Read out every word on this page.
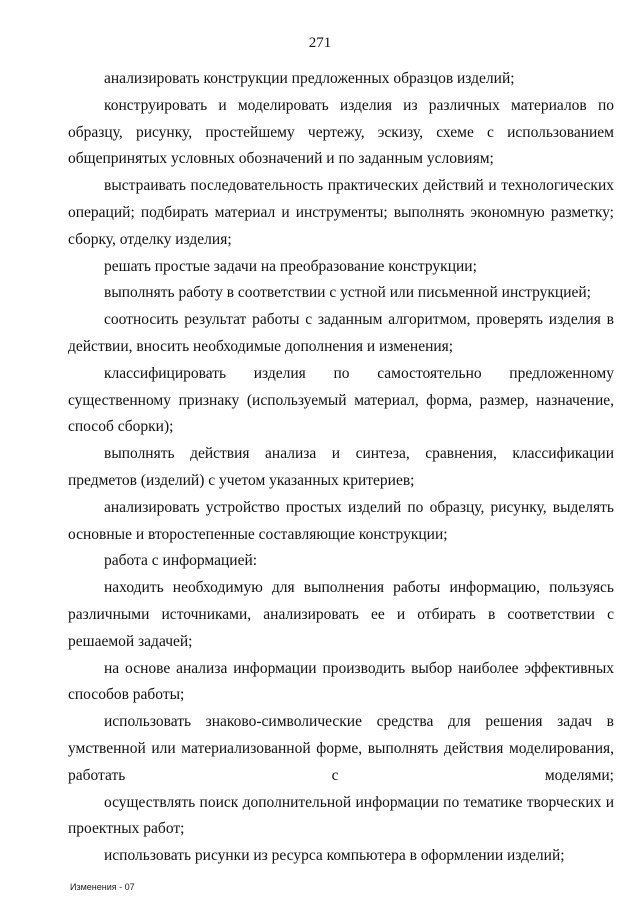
271

анализировать конструкции предложенных образцов изделий;

конструировать и моделировать изделия из различных материалов по образцу, рисунку, простейшему чертежу, эскизу, схеме с использованием общепринятых условных обозначений и по заданным условиям;

выстраивать последовательность практических действий и технологических операций; подбирать материал и инструменты; выполнять экономную разметку; сборку, отделку изделия;

решать простые задачи на преобразование конструкции;

выполнять работу в соответствии с устной или письменной инструкцией;

соотносить результат работы с заданным алгоритмом, проверять изделия в действии, вносить необходимые дополнения и изменения;

классифицировать изделия по самостоятельно предложенному существенному признаку (используемый материал, форма, размер, назначение, способ сборки);

выполнять действия анализа и синтеза, сравнения, классификации предметов (изделий) с учетом указанных критериев;

анализировать устройство простых изделий по образцу, рисунку, выделять основные и второстепенные составляющие конструкции;

работа с информацией:

находить необходимую для выполнения работы информацию, пользуясь различными источниками, анализировать ее и отбирать в соответствии с решаемой задачей;

на основе анализа информации производить выбор наиболее эффективных способов работы;

использовать знаково-символические средства для решения задач в умственной или материализованной форме, выполнять действия моделирования, работать с моделями;

осуществлять поиск дополнительной информации по тематике творческих и проектных работ;

использовать рисунки из ресурса компьютера в оформлении изделий;

Изменения - 07
